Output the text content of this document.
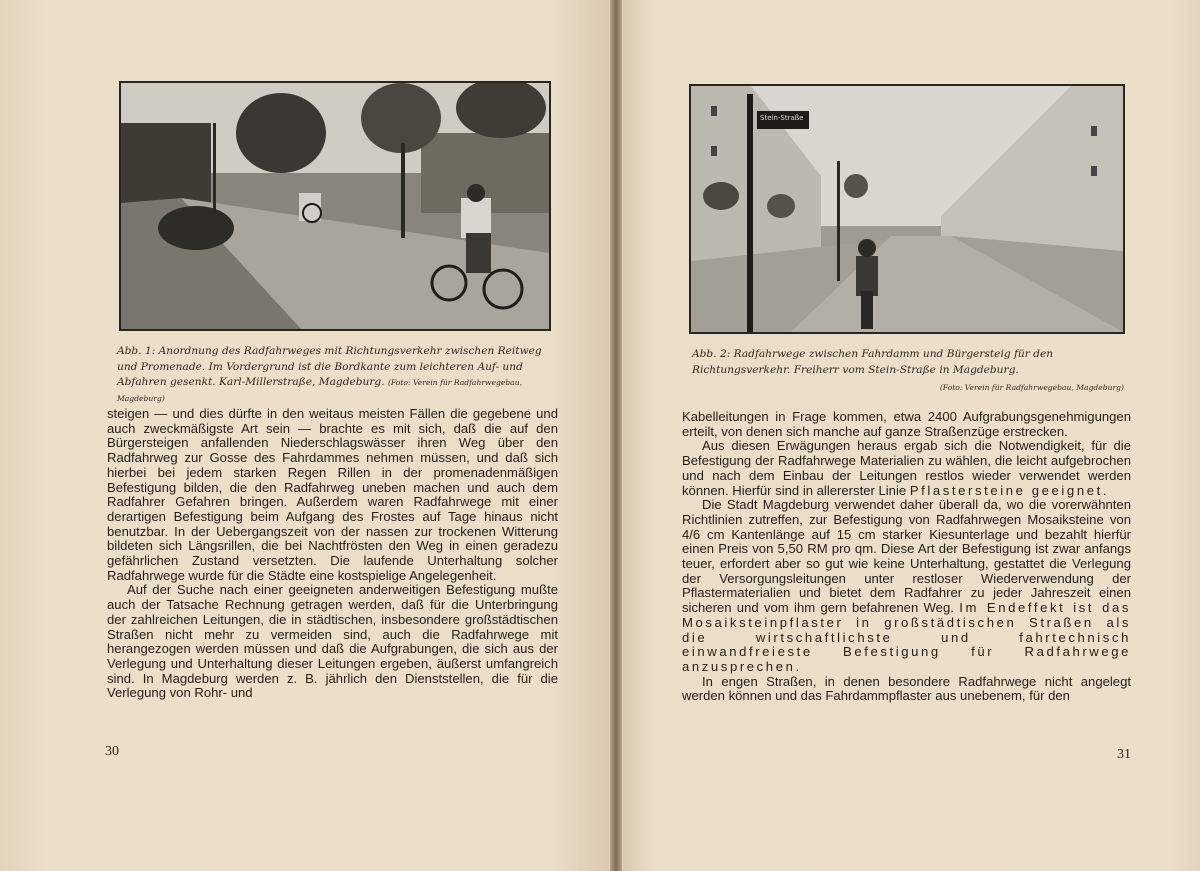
Abb. 1: Anordnung des Radfahrweges mit Richtungsverkehr zwischen Reitweg und Promenade. Im Vordergrund ist die Bordkante zum leichteren Auf- und Abfahren gesenkt. Karl-Millerstraße, Magdeburg. (Foto: Verein für Radfahrwegebau, Magdeburg)

steigen — und dies dürfte in den weitaus meisten Fällen die gegebene und auch zweckmäßigste Art sein — brachte es mit sich, daß die auf den Bürgersteigen anfallenden Niederschlagswässer ihren Weg über den Radfahrweg zur Gosse des Fahrdammes nehmen müssen, und daß sich hierbei bei jedem starken Regen Rillen in der promenadenmäßigen Befestigung bilden, die den Radfahrweg uneben machen und auch dem Radfahrer Gefahren bringen. Außerdem waren Radfahrwege mit einer derartigen Befestigung beim Aufgang des Frostes auf Tage hinaus nicht benutzbar. In der Uebergangszeit von der nassen zur trockenen Witterung bildeten sich Längsrillen, die bei Nachtfrösten den Weg in einen geradezu gefährlichen Zustand versetzten. Die laufende Unterhaltung solcher Radfahrwege wurde für die Städte eine kostspielige Angelegenheit.

Auf der Suche nach einer geeigneten anderweitigen Befestigung mußte auch der Tatsache Rechnung getragen werden, daß für die Unterbringung der zahlreichen Leitungen, die in städtischen, insbesondere großstädtischen Straßen nicht mehr zu vermeiden sind, auch die Radfahrwege mit herangezogen werden müssen und daß die Aufgrabungen, die sich aus der Verlegung und Unterhaltung dieser Leitungen ergeben, äußerst umfangreich sind. In Magdeburg werden z. B. jährlich den Dienststellen, die für die Verlegung von Rohr- und

30
Stein-Straße
Abb. 2: Radfahrwege zwischen Fahrdamm und Bürgersteig für den Richtungsverkehr. Freiherr vom Stein-Straße in Magdeburg.
(Foto: Verein für Radfahrwegebau, Magdeburg)

Kabelleitungen in Frage kommen, etwa 2400 Aufgrabungsgenehmigungen erteilt, von denen sich manche auf ganze Straßenzüge erstrecken.

Aus diesen Erwägungen heraus ergab sich die Notwendigkeit, für die Befestigung der Radfahrwege Materialien zu wählen, die leicht aufgebrochen und nach dem Einbau der Leitungen restlos wieder verwendet werden können. Hierfür sind in allererster Linie Pflastersteine geeignet.

Die Stadt Magdeburg verwendet daher überall da, wo die vorerwähnten Richtlinien zutreffen, zur Befestigung von Radfahrwegen Mosaiksteine von 4/6 cm Kantenlänge auf 15 cm starker Kiesunterlage und bezahlt hierfür einen Preis von 5,50 RM pro qm. Diese Art der Befestigung ist zwar anfangs teuer, erfordert aber so gut wie keine Unterhaltung, gestattet die Verlegung der Versorgungsleitungen unter restloser Wiederverwendung der Pflastermaterialien und bietet dem Radfahrer zu jeder Jahreszeit einen sicheren und vom ihm gern befahrenen Weg. Im Endeffekt ist das Mosaiksteinpflaster in großstädtischen Straßen als die wirtschaftlichste und fahrtechnisch einwandfreieste Befestigung für Radfahrwege anzusprechen.

In engen Straßen, in denen besondere Radfahrwege nicht angelegt werden können und das Fahrdammpflaster aus unebenem, für den

31
